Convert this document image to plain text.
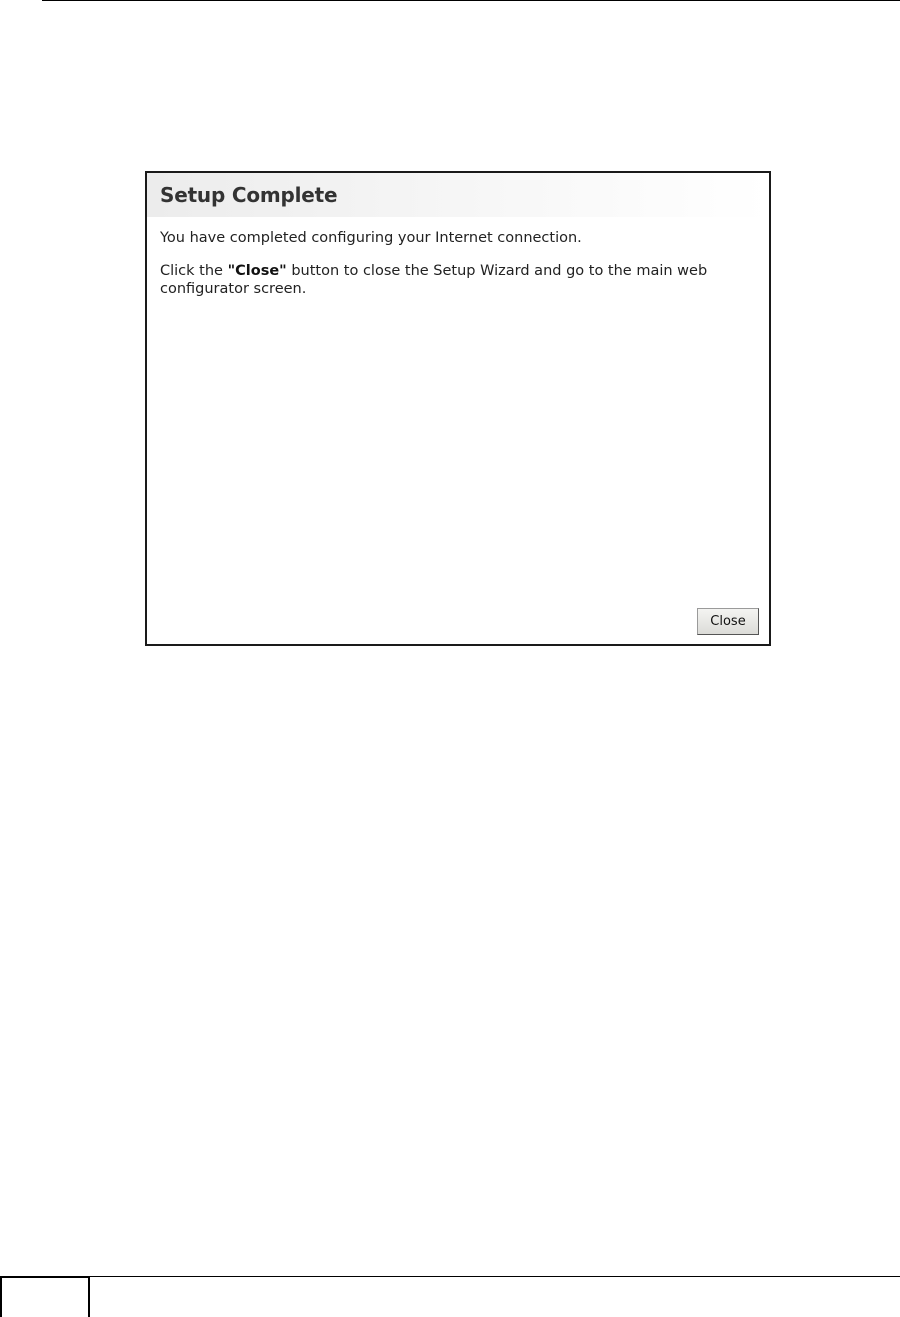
Setup Complete

You have completed configuring your Internet connection.

Click the "Close" button to close the Setup Wizard and go to the main web configurator screen.

Close
